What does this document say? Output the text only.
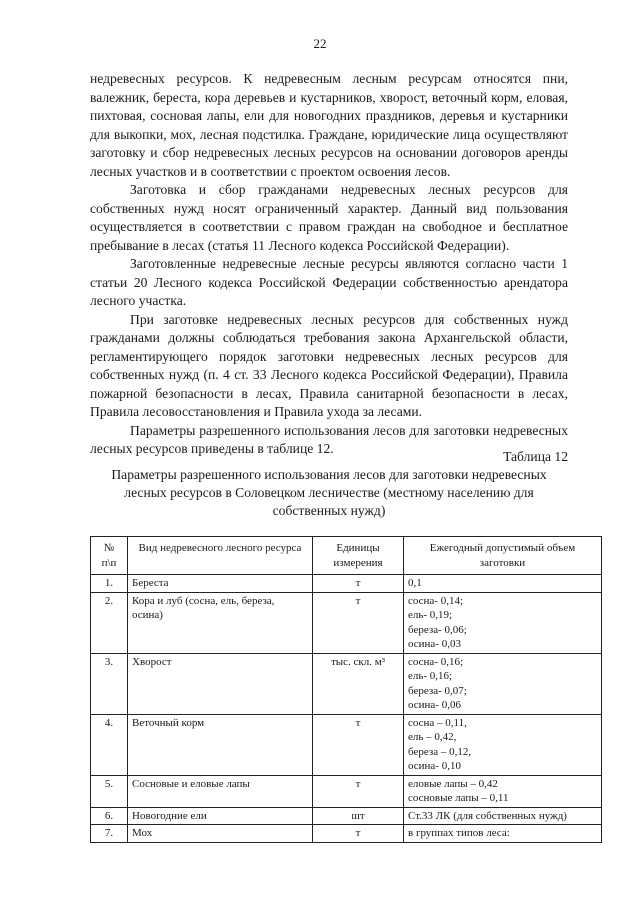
22

недревесных ресурсов. К недревесным лесным ресурсам относятся пни, валежник, береста, кора деревьев и кустарников, хворост, веточный корм, еловая, пихтовая, сосновая лапы, ели для новогодних праздников, деревья и кустарники для выкопки, мох, лесная подстилка. Граждане, юридические лица осуществляют заготовку и сбор недревесных лесных ресурсов на основании договоров аренды лесных участков и в соответствии с проектом освоения лесов.

Заготовка и сбор гражданами недревесных лесных ресурсов для собственных нужд носят ограниченный характер. Данный вид пользования осуществляется в соответствии с правом граждан на свободное и бесплатное пребывание в лесах (статья 11 Лесного кодекса Российской Федерации).

Заготовленные недревесные лесные ресурсы являются согласно части 1 статьи 20 Лесного кодекса Российской Федерации собственностью арендатора лесного участка.

При заготовке недревесных лесных ресурсов для собственных нужд гражданами должны соблюдаться требования закона Архангельской области, регламентирующего порядок заготовки недревесных лесных ресурсов для собственных нужд (п. 4 ст. 33 Лесного кодекса Российской Федерации), Правила пожарной безопасности в лесах, Правила санитарной безопасности в лесах, Правила лесовосстановления и Правила ухода за лесами.

Параметры разрешенного использования лесов для заготовки недревесных лесных ресурсов приведены в таблице 12.

Таблица 12
Параметры разрешенного использования лесов для заготовки недревесных лесных ресурсов в Соловецком лесничестве (местному населению для собственных нужд)
№ п\п	Вид недревесного лесного ресурса	Единицы измерения	Ежегодный допустимый объем заготовки
1.	Береста	т	0,1

2.	Кора и луб (сосна, ель, береза, осина)	т	сосна- 0,14;
ель- 0,19;
береза- 0,06;
осина- 0,03

3.	Хворост	тыс. скл. м³	сосна- 0,16;
ель- 0,16;
береза- 0,07;
осина- 0,06

4.	Веточный корм	т	сосна – 0,11,
ель – 0,42,
береза – 0,12,
осина- 0,10

5.	Сосновые и еловые лапы	т	еловые лапы – 0,42
сосновые лапы – 0,11

6.	Новогодние ели	шт	Ст.33 ЛК (для собственных нужд)

7.	Мох	т	в группах типов леса:
